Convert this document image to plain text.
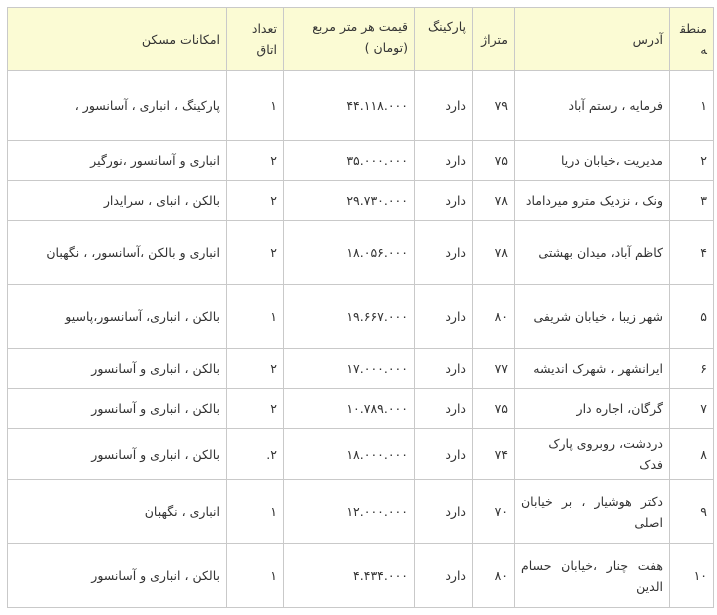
منطقه	آدرس	متراژ	پارکینگ	قیمت هر متر مربع (تومان )	تعداد اتاق	امکانات مسکن
۱	فرمایه ، رستم آباد	۷۹	دارد	۴۴.۱۱۸.۰۰۰	۱	پارکینگ ، انباری ، آسانسور ،
۲	مدیریت ،خیابان دریا	۷۵	دارد	۳۵.۰۰۰.۰۰۰	۲	انباری و آسانسور ،نورگیر
۳	ونک ، نزدیک مترو میرداماد	۷۸	دارد	۲۹.۷۳۰.۰۰۰	۲	بالکن ، انبای ، سرایدار
۴	کاظم آباد، میدان بهشتی	۷۸	دارد	۱۸.۰۵۶.۰۰۰	۲	انباری و بالکن ،آسانسور، ، نگهبان
۵	شهر زیبا ، خیابان شریفی	۸۰	دارد	۱۹.۶۶۷.۰۰۰	۱	بالکن ، انباری، آسانسور،پاسیو
۶	ایرانشهر ، شهرک اندیشه	۷۷	دارد	۱۷.۰۰۰.۰۰۰	۲	بالکن ، انباری و آسانسور
۷	گرگان، اجاره دار	۷۵	دارد	۱۰.۷۸۹.۰۰۰	۲	بالکن ، انباری و آسانسور
۸	دردشت، روبروی پارک فدک	۷۴	دارد	۱۸.۰۰۰.۰۰۰	۲.	بالکن ، انباری و آسانسور
۹	دکتر هوشیار ، بر خیابان اصلی	۷۰	دارد	۱۲.۰۰۰.۰۰۰	۱	انباری ، نگهبان
۱۰	هفت چنار ،خیابان حسام الدین	۸۰	دارد	۴.۴۳۴.۰۰۰	۱	بالکن ، انباری و آسانسور
